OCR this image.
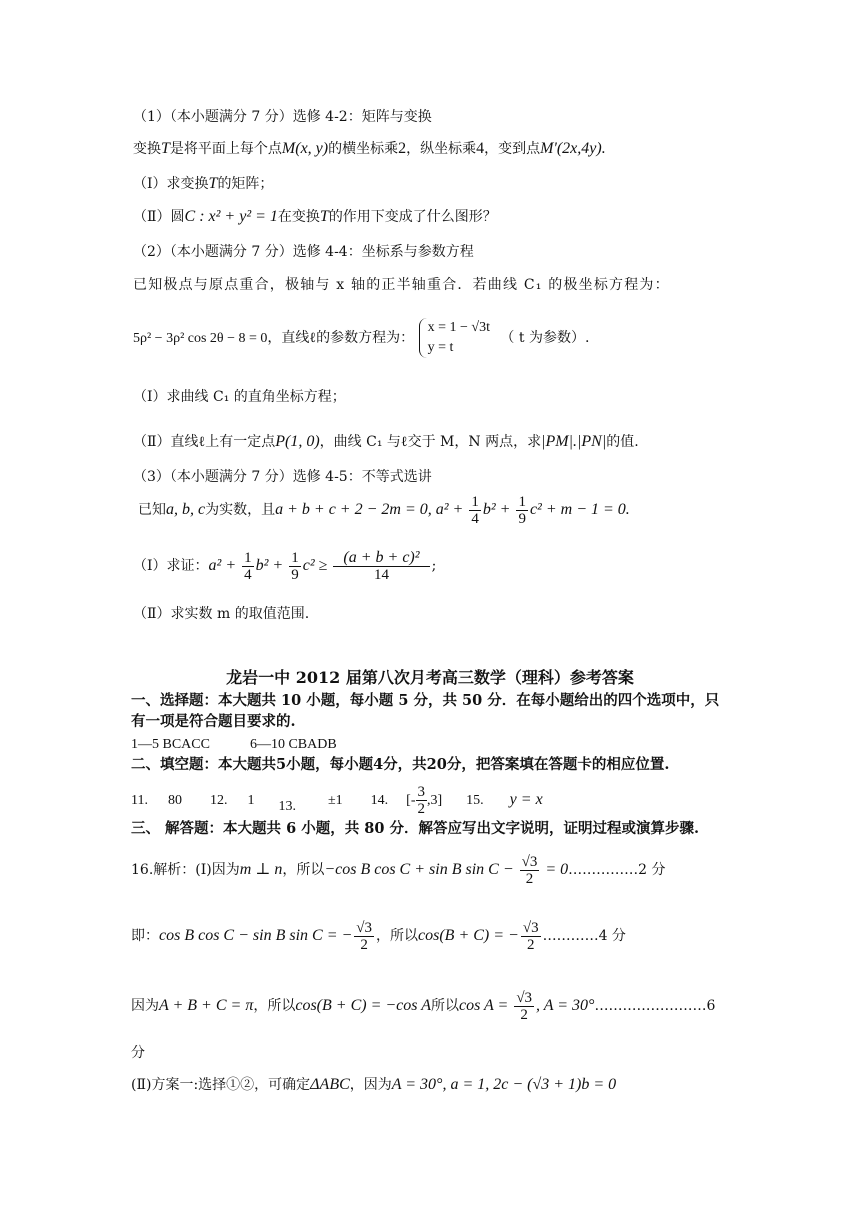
（1）（本小题满分 7 分）选修 4-2：矩阵与变换
变换T是将平面上每个点M(x, y)的横坐标乘2，纵坐标乘4，变到点M'(2x,4y).
（Ⅰ）求变换T的矩阵；
（Ⅱ）圆C : x² + y² = 1在变换T的作用下变成了什么图形？
（2）（本小题满分 7 分）选修 4-4：坐标系与参数方程
已知极点与原点重合，极轴与 x 轴的正半轴重合．若曲线 C₁ 的极坐标方程为：
5ρ² − 3ρ² cos 2θ − 8 = 0，直线ℓ的参数方程为：
x = 1 − √3t
y = t
（ t 为参数）.
（Ⅰ）求曲线 C₁ 的直角坐标方程；
（Ⅱ）直线ℓ上有一定点P(1, 0)，曲线 C₁ 与ℓ交于 M，N 两点，求|PM|.|PN|的值.
（3）（本小题满分 7 分）选修 4-5：不等式选讲
已知a, b, c为实数，且a + b + c + 2 − 2m = 0, $a^2 + \frac{1}{4} b^2 + \frac{1}{9} c^2 + m - 1 = 0$.
（Ⅰ）求证：$a^2 + \frac{1}{4} b^2 + \frac{1}{9} c^2 \ge \frac{\text{(a + b + c)²}}{14}$ ;
（Ⅱ）求实数 m 的取值范围.
龙岩一中 2012 届第八次月考高三数学（理科）参考答案
一、选择题：本大题共 10 小题，每小题 5 分，共 50 分．在每小题给出的四个选项中，只
有一项是符合题目要求的.
1—5 BCACC	6—10 CBADB
二、填空题：本大题共5小题，每小题4分，共20分，把答案填在答题卡的相应位置.
11. 80 12. 1 13. ±1 14. [- $\frac{3}{2} ,3$] 15. y = x
三、 解答题：本大题共 6 小题，共 80 分．解答应写出文字说明，证明过程或演算步骤.
16.解析：(I)因为m ⊥ n，所以−cos B cos C + sin B $\sin C - \frac{√3}{2}$ = 0……………2 分
即：cos B cos C − sin B sin C = − $\frac{√3}{2}$ ，所以cos(B + C) = − $\frac{√3}{2}$ …………4 分
因为A + B + C = π，所以cos(B + C) = −cos A所以$\cos A = \frac{√3}{2}$ , A = 30°……………………6
分
(Ⅱ)方案一:选择①②，可确定ΔABC，因为A = 30°, a = 1, 2c − (√3 + 1)b = 0
